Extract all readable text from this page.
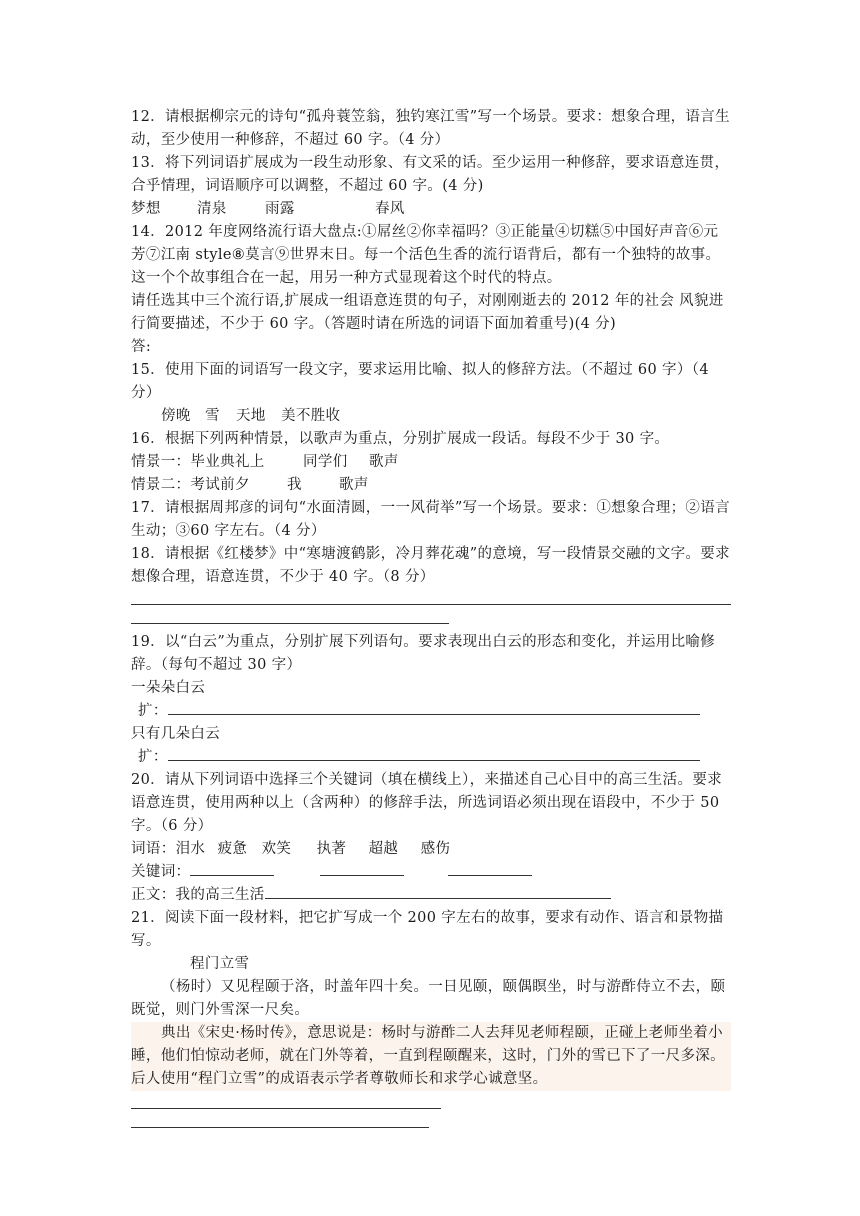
12．请根据柳宗元的诗句“孤舟蓑笠翁，独钓寒江雪”写一个场景。要求：想象合理，语言生动，至少使用一种修辞，不超过 60 字。（4 分）

13．将下列词语扩展成为一段生动形象、有文采的话。至少运用一种修辞，要求语意连贯，合乎情理，词语顺序可以调整，不超过 60 字。(4 分)

梦想	清泉	雨露	春风

14．2012 年度网络流行语大盘点:①屌丝②你幸福吗？③正能量④切糕⑤中国好声音⑥元芳⑦江南 style⑧莫言⑨世界末日。每一个活色生香的流行语背后，都有一个独特的故事。这一个个故事组合在一起，用另一种方式显现着这个时代的特点。

请任选其中三个流行语,扩展成一组语意连贯的句子，对刚刚逝去的 2012 年的社会 风貌进行简要描述，不少于 60 字。（答题时请在所选的词语下面加着重号)(4 分)

答:

15．使用下面的词语写一段文字，要求运用比喻、拟人的修辞方法。（不超过 60 字）（4分）

傍晚 雪 天地 美不胜收

16．根据下列两种情景，以歌声为重点，分别扩展成一段话。每段不少于 30 字。

情景一：毕业典礼上	同学们 歌声

情景二：考试前夕	我	歌声

17．请根据周邦彦的词句“水面清圆，一一风荷举”写一个场景。要求：①想象合理；②语言生动；③60 字左右。（4 分）

18．请根据《红楼梦》中“寒塘渡鹤影，冷月葬花魂”的意境，写一段情景交融的文字。要求想像合理，语意连贯，不少于 40 字。（8 分）

19．以“白云”为重点，分别扩展下列语句。要求表现出白云的形态和变化，并运用比喻修辞。（每句不超过 30 字）

一朵朵白云

扩：

只有几朵白云

扩：

20．请从下列词语中选择三个关键词（填在横线上），来描述自己心目中的高三生活。要求语意连贯，使用两种以上（含两种）的修辞手法，所选词语必须出现在语段中，不少于 50字。（6 分）

词语：泪水 疲惫 欢笑 执著 超越 感伤

关键词：

正文：我的高三生活

21．阅读下面一段材料，把它扩写成一个 200 字左右的故事，要求有动作、语言和景物描写。

程门立雪

（杨时）又见程颐于洛，时盖年四十矣。一日见颐，颐偶瞑坐，时与游酢侍立不去，颐既觉，则门外雪深一尺矣。

典出《宋史·杨时传》，意思说是：杨时与游酢二人去拜见老师程颐，正碰上老师坐着小睡，他们怕惊动老师，就在门外等着，一直到程颐醒来，这时，门外的雪已下了一尺多深。后人使用“程门立雪”的成语表示学者尊敬师长和求学心诚意坚。
